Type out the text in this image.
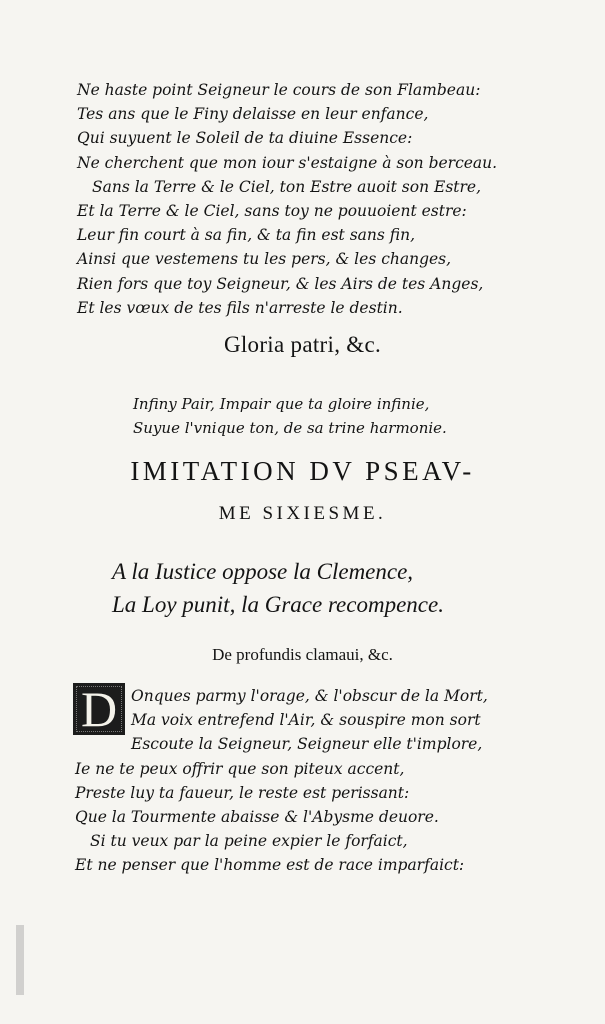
Ne haste point Seigneur le cours de son Flambeau:
Tes ans que le Finy delaisse en leur enfance,
Qui suyuent le Soleil de ta diuine Essence:
Ne cherchent que mon iour s'estaigne à son berceau.
Sans la Terre & le Ciel, ton Estre auoit son Estre,
Et la Terre & le Ciel, sans toy ne pouuoient estre:
Leur fin court à sa fin, & ta fin est sans fin,
Ainsi que vestemens tu les pers, & les changes,
Rien fors que toy Seigneur, & les Airs de tes Anges,
Et les vœux de tes fils n'arreste le destin.
Gloria patri, &c.
Infiny Pair, Impair que ta gloire infinie,
Suyue l'vnique ton, de sa trine harmonie.
IMITATION DV PSEAV-
ME SIXIESME.
A la Iustice oppose la Clemence,
La Loy punit, la Grace recompence.
De profundis clamaui, &c.
D Onques parmy l'orage, & l'obscur de la Mort,
Ma voix entrefend l'Air, & souspire mon sort
Escoute la Seigneur, Seigneur elle t'implore,
Ie ne te peux offrir que son piteux accent,
Preste luy ta faueur, le reste est perissant:
Que la Tourmente abaisse & l'Abysme deuore.
Si tu veux par la peine expier le forfaict,
Et ne penser que l'homme est de race imparfaict:
